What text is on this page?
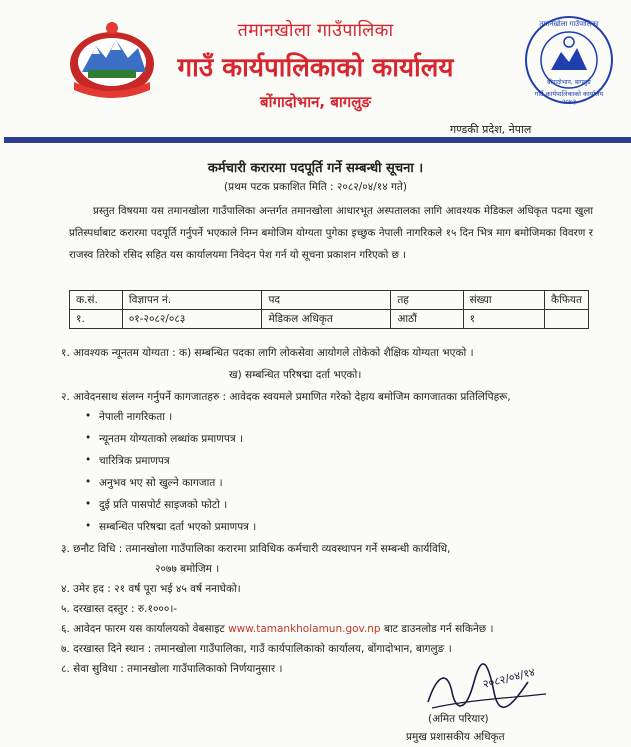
तमानखोला गाउँपालिका
गाउँ कार्यपालिकाको कार्यालय
बोंगादोभान, बागलुङ
२०७३
तमानखोला गाउँपालिका
गाउँ कार्यपालिकाको कार्यालय
बोंगादोभान, बागलुङ
गण्डकी प्रदेश, नेपाल
कर्मचारी करारमा पदपूर्ति गर्ने सम्बन्धी सूचना ।
(प्रथम पटक प्रकाशित मिति : २०८२/०४/१४ गते)
प्रस्तुत विषयमा यस तमानखोला गाउँपालिका अन्तर्गत तमानखोला आधारभूत अस्पतालका लागि आवश्यक मेडिकल अधिकृत पदमा खुला प्रतिस्पर्धाबाट करारमा पदपूर्ति गर्नुपर्ने भएकाले निम्न बमोजिम योग्यता पुगेका इच्छुक नेपाली नागरिकले १५ दिन भित्र माग बमोजिमका विवरण र राजस्व तिरेको रसिद सहित यस कार्यालयमा निवेदन पेश गर्न यो सूचना प्रकाशन गरिएको छ ।
क.सं.	विज्ञापन नं.	पद	तह	संख्या	कैफियत
१.	०१-२०८२/०८३	मेडिकल अधिकृत	आठौं	१	
१. आवश्यक न्यूनतम योग्यता : क) सम्बन्धित पदका लागि लोकसेवा आयोगले तोकेको शैक्षिक योग्यता भएको ।
ख) सम्बन्धित परिषद्मा दर्ता भएको।
२. आवेदनसाथ संलग्न गर्नुपर्ने कागजातहरु : आवेदक स्वयमले प्रमाणित गरेको देहाय बमोजिम कागजातका प्रतिलिपिहरू,
• नेपाली नागरिकता ।
• न्यूनतम योग्यताको लब्धांक प्रमाणपत्र ।
• चारित्रिक प्रमाणपत्र
• अनुभव भए सो खुल्ने कागजात ।
• दुई प्रति पासपोर्ट साइजको फोटो ।
• सम्बन्धित परिषद्मा दर्ता भएको प्रमाणपत्र ।
३. छनौट विधि : तमानखोला गाउँपालिका करारमा प्राविधिक कर्मचारी व्यवस्थापन गर्ने सम्बन्धी कार्यविधि,
२०७७ बमोजिम ।
४. उमेर हद : २१ वर्ष पूरा भई ४५ वर्ष ननाघेको।
५. दरखास्त दस्तुर : रु.१०००।-
६. आवेदन फारम यस कार्यालयको वेबसाइट www.tamankholamun.gov.np बाट डाउनलोड गर्न सकिनेछ ।
७. दरखास्त दिने स्थान : तमानखोला गाउँपालिका, गाउँ कार्यपालिकाको कार्यालय, बोंगादोभान, बागलुङ ।
८. सेवा सुविधा : तमानखोला गाउँपालिकाको निर्णयानुसार ।	२०८२/०४/१४
(अमित परियार)
प्रमुख प्रशासकीय अधिकृत
